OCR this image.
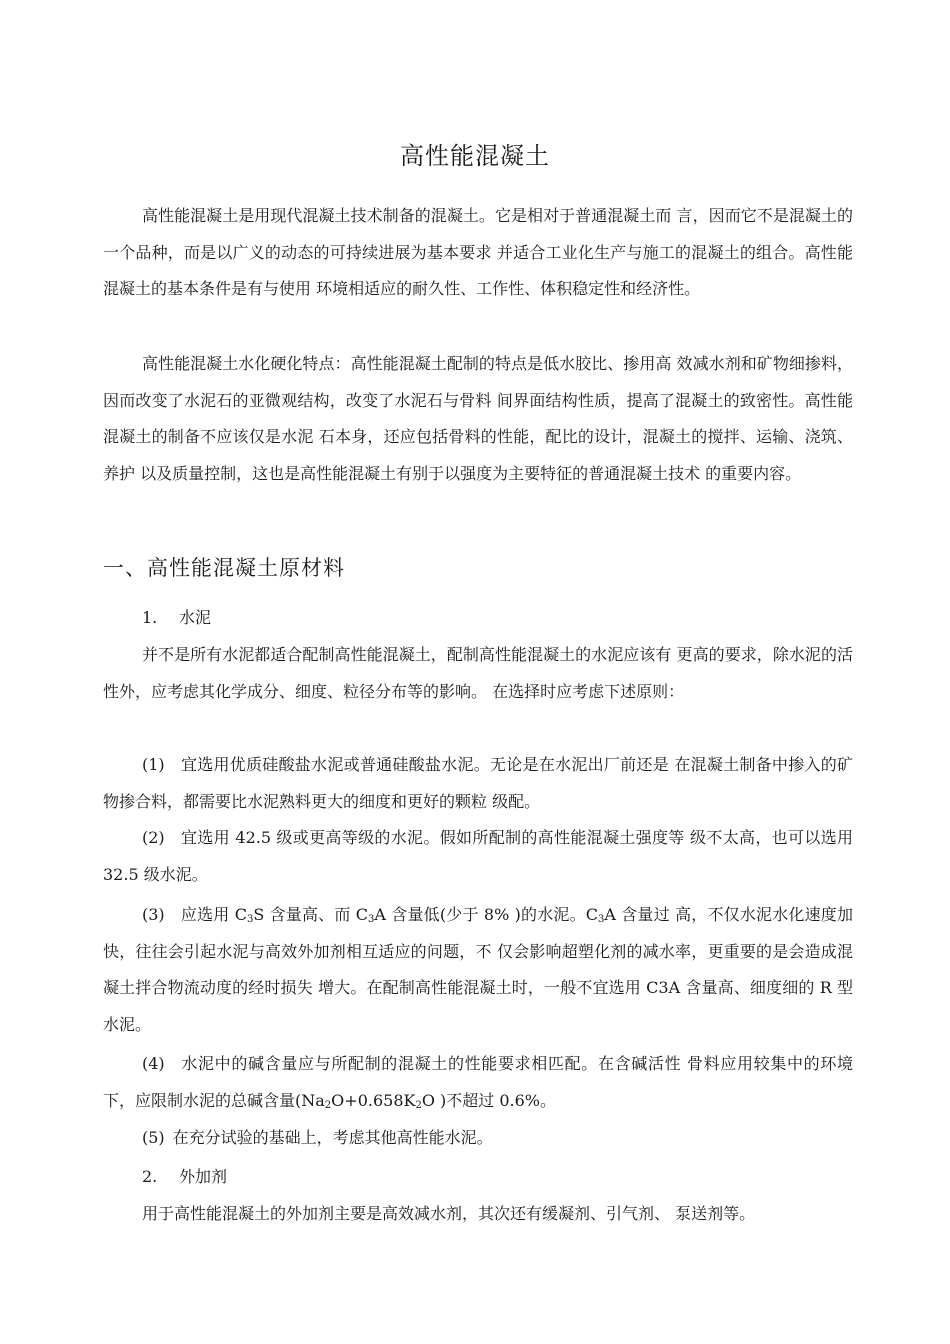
高性能混凝土

高性能混凝土是用现代混凝土技术制备的混凝土。它是相对于普通混凝土而 言，因而它不是混凝土的一个品种，而是以广义的动态的可持续进展为基本要求 并适合工业化生产与施工的混凝土的组合。高性能混凝土的基本条件是有与使用 环境相适应的耐久性、工作性、体积稳定性和经济性。

高性能混凝土水化硬化特点：高性能混凝土配制的特点是低水胶比、掺用高 效减水剂和矿物细掺料，因而改变了水泥石的亚微观结构，改变了水泥石与骨料 间界面结构性质，提高了混凝土的致密性。高性能混凝土的制备不应该仅是水泥 石本身，还应包括骨料的性能，配比的设计，混凝土的搅拌、运输、浇筑、养护 以及质量控制，这也是高性能混凝土有别于以强度为主要特征的普通混凝土技术 的重要内容。

一、高性能混凝土原材料
1. 水泥

并不是所有水泥都适合配制高性能混凝土，配制高性能混凝土的水泥应该有 更高的要求，除水泥的活性外，应考虑其化学成分、细度、粒径分布等的影响。 在选择时应考虑下述原则：

(1) 宜选用优质硅酸盐水泥或普通硅酸盐水泥。无论是在水泥出厂前还是 在混凝土制备中掺入的矿物掺合料，都需要比水泥熟料更大的细度和更好的颗粒 级配。

(2) 宜选用 42.5 级或更高等级的水泥。假如所配制的高性能混凝土强度等 级不太高，也可以选用 32.5 级水泥。

(3) 应选用 $C_3S$ 含量高、而 $C_3A$ 含量低(少于 8% )的水泥。$C_3A$ 含量过 高，不仅水泥水化速度加快，往往会引起水泥与高效外加剂相互适应的问题，不 仅会影响超塑化剂的减水率，更重要的是会造成混凝土拌合物流动度的经时损失 增大。在配制高性能混凝土时，一般不宜选用 C3A 含量高、细度细的 R 型水泥。

(4) 水泥中的碱含量应与所配制的混凝土的性能要求相匹配。在含碱活性 骨料应用较集中的环境下，应限制水泥的总碱含量($Na_2O+0.658K_2O$ )不超过 0.6%。

(5) 在充分试验的基础上，考虑其他高性能水泥。

2. 外加剂

用于高性能混凝土的外加剂主要是高效减水剂，其次还有缓凝剂、引气剂、 泵送剂等。
